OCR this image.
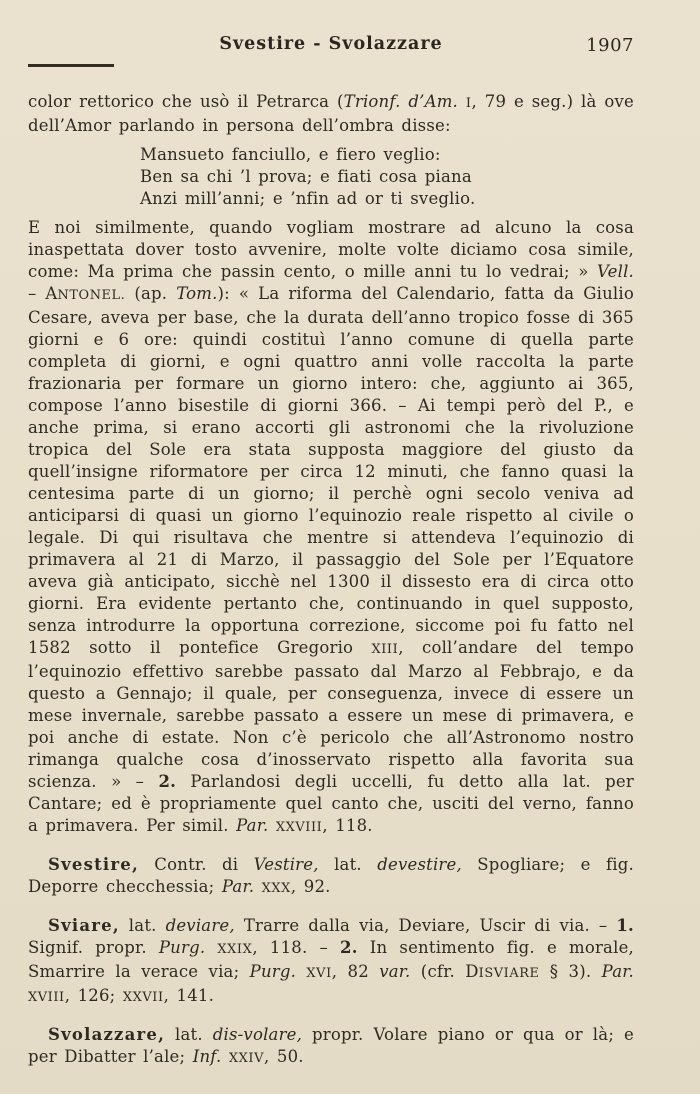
Svestire - Svolazzare	1907

color rettorico che usò il Petrarca (Trionf. d’Am. I, 79 e seg.) là ove dell’Amor parlando in persona dell’ombra disse:

Mansueto fanciullo, e fiero veglio:
Ben sa chi ’l prova; e fiati cosa piana
Anzi mill’anni; e ’nfin ad or ti sveglio.

E noi similmente, quando vogliam mostrare ad alcuno la cosa inaspettata dover tosto avvenire, molte volte diciamo cosa simile, come: Ma prima che passin cento, o mille anni tu lo vedrai; » Vell. – ANTONEL. (ap. Tom.): « La riforma del Calendario, fatta da Giulio Cesare, aveva per base, che la durata dell’anno tropico fosse di 365 giorni e 6 ore: quindi costituì l’anno comune di quella parte completa di giorni, e ogni quattro anni volle raccolta la parte frazionaria per formare un giorno intero: che, aggiunto ai 365, compose l’anno bisestile di giorni 366. – Ai tempi però del P., e anche prima, si erano accorti gli astronomi che la rivoluzione tropica del Sole era stata supposta maggiore del giusto da quell’insigne riformatore per circa 12 minuti, che fanno quasi la centesima parte di un giorno; il perchè ogni secolo veniva ad anticiparsi di quasi un giorno l’equinozio reale rispetto al civile o legale. Di qui risultava che mentre si attendeva l’equinozio di primavera al 21 di Marzo, il passaggio del Sole per l’Equatore aveva già anticipato, sicchè nel 1300 il dissesto era di circa otto giorni. Era evidente pertanto che, continuando in quel supposto, senza introdurre la opportuna correzione, siccome poi fu fatto nel 1582 sotto il pontefice Gregorio XIII, coll’andare del tempo l’equinozio effettivo sarebbe passato dal Marzo al Febbrajo, e da questo a Gennajo; il quale, per conseguenza, invece di essere un mese invernale, sarebbe passato a essere un mese di primavera, e poi anche di estate. Non c’è pericolo che all’Astronomo nostro rimanga qualche cosa d’inosservato rispetto alla favorita sua scienza. » – 2. Parlandosi degli uccelli, fu detto alla lat. per Cantare; ed è propriamente quel canto che, usciti del verno, fanno a primavera. Per simil. Par. XXVIII, 118.

Svestire, Contr. di Vestire, lat. devestire, Spogliare; e fig. Deporre checchessia; Par. XXX, 92.

Sviare, lat. deviare, Trarre dalla via, Deviare, Uscir di via. – 1. Signif. propr. Purg. XXIX, 118. – 2. In sentimento fig. e morale, Smarrire la verace via; Purg. XVI, 82 var. (cfr. DISVIARE § 3). Par. XVIII, 126; XXVII, 141.

Svolazzare, lat. dis-volare, propr. Volare piano or qua or là; e per Dibatter l’ale; Inf. XXIV, 50.
